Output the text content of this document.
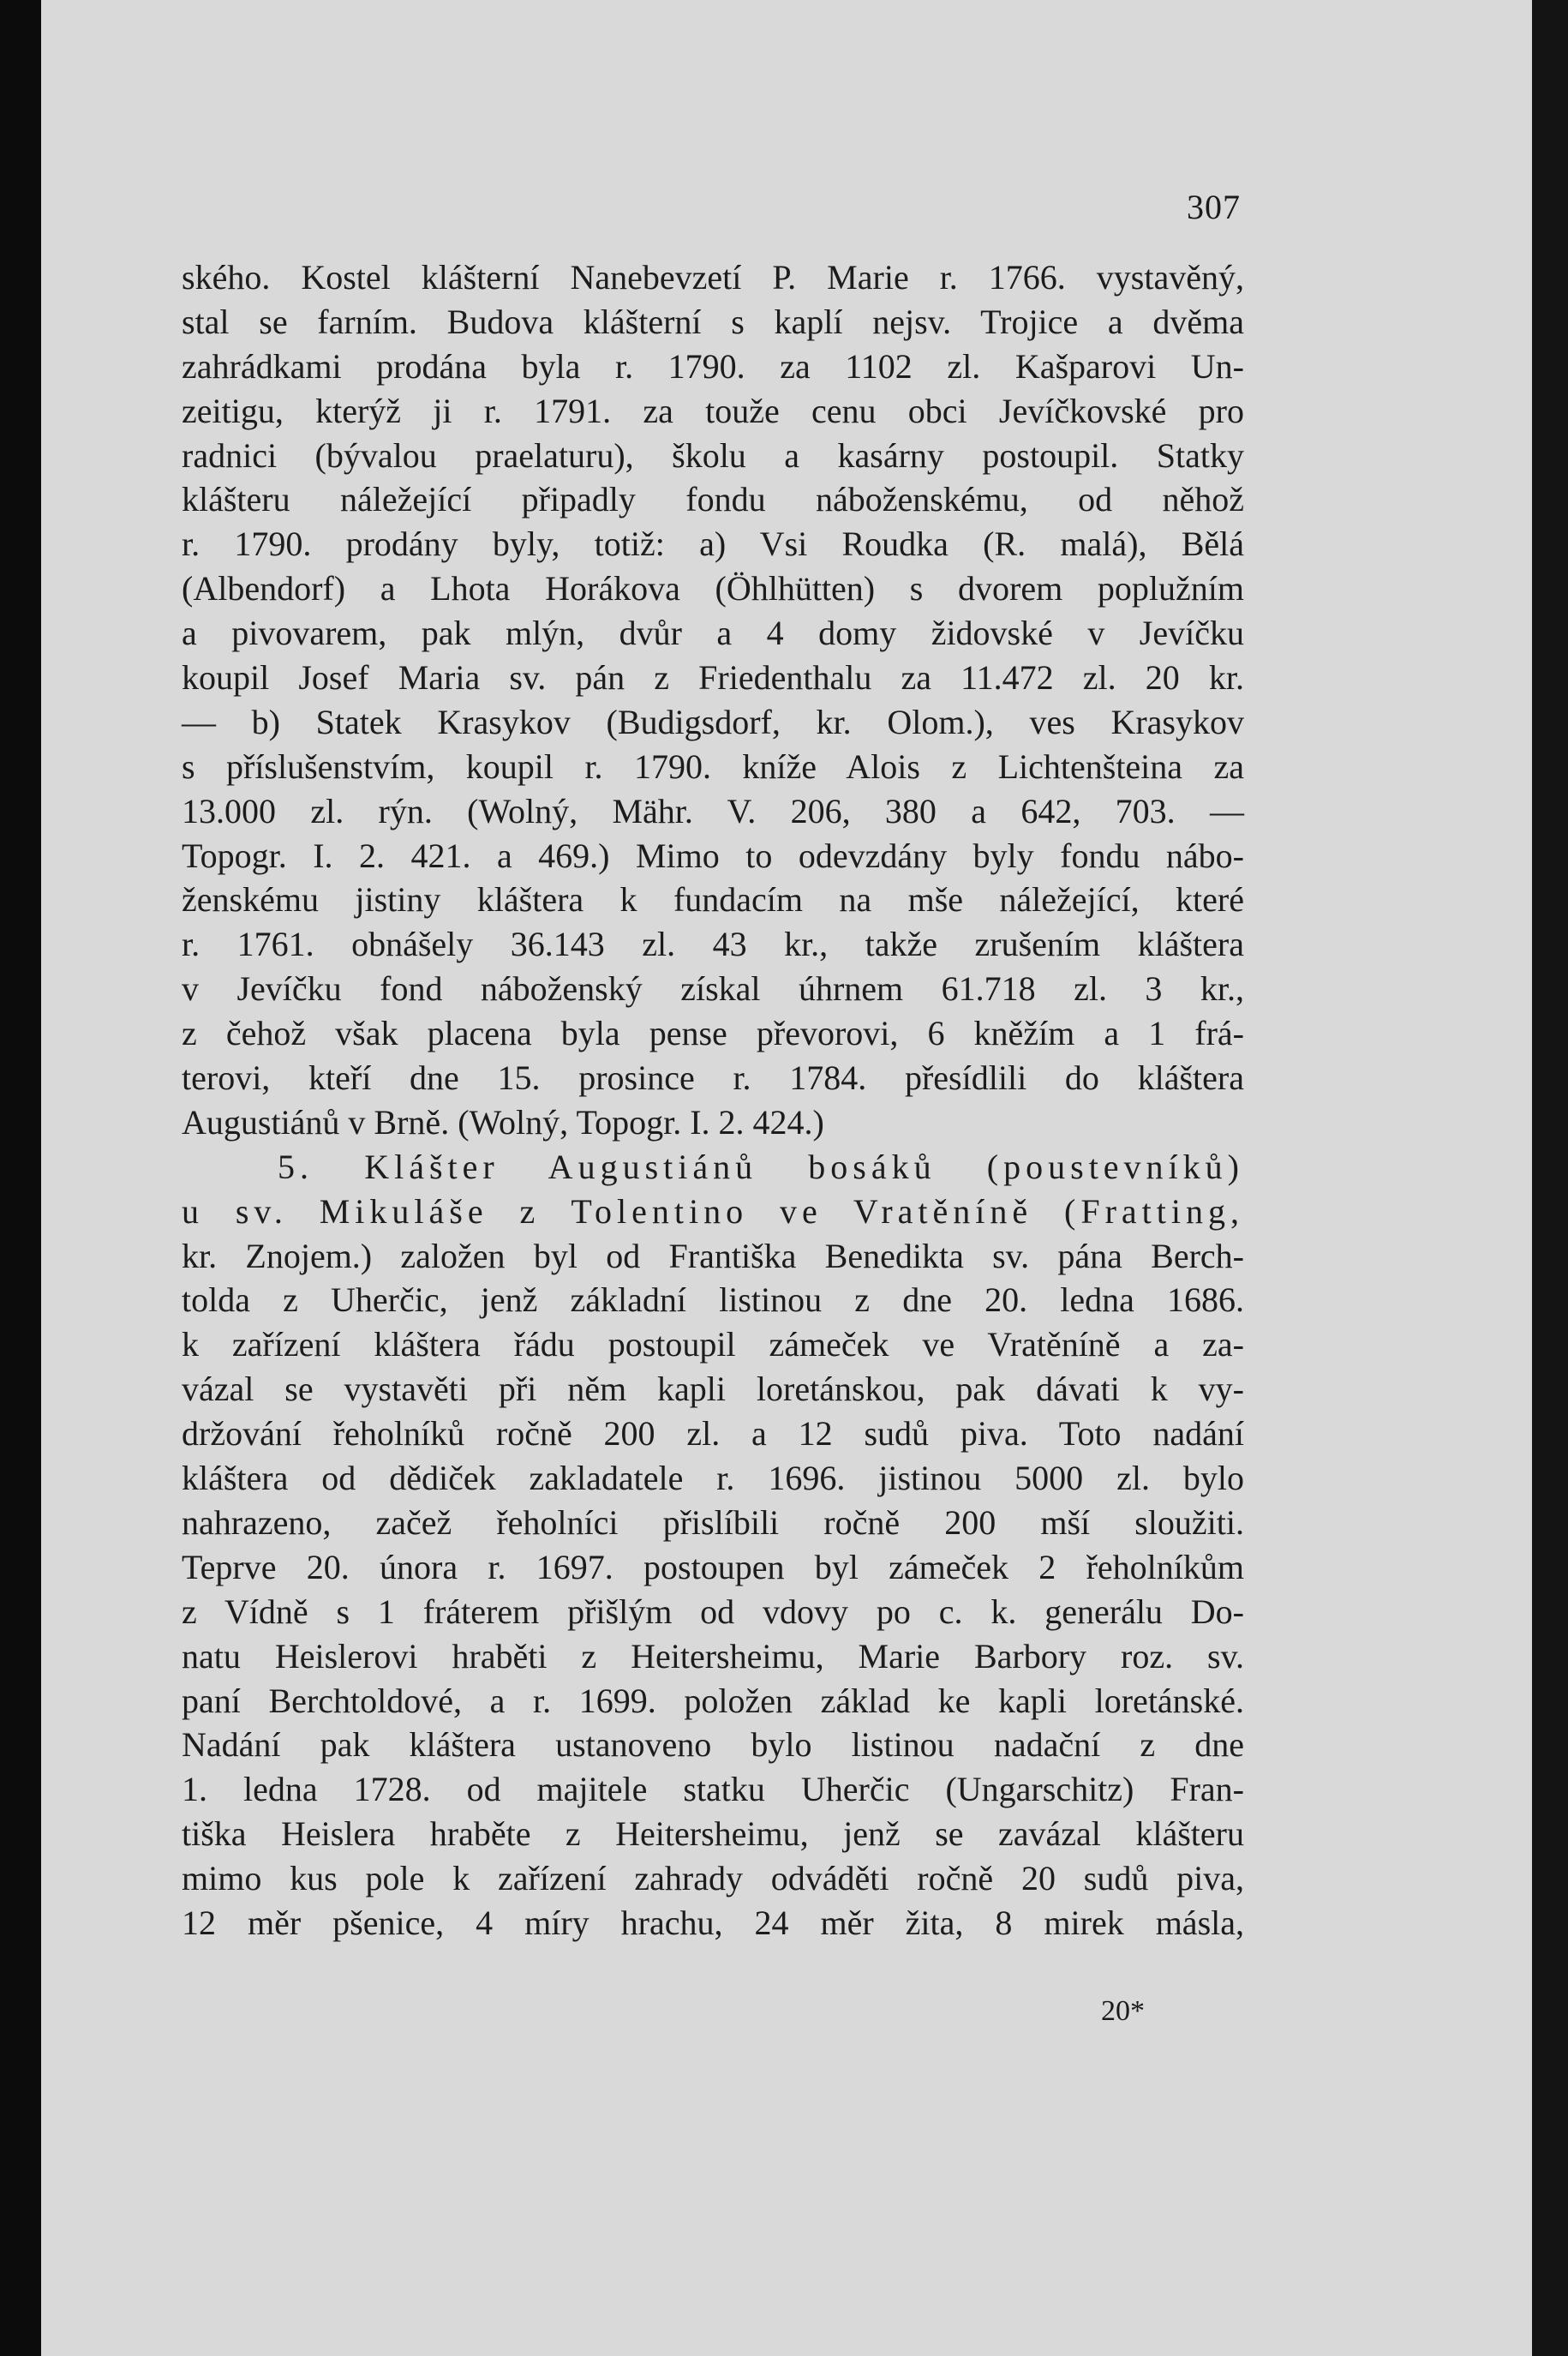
307
ského. Kostel klášterní Nanebevzetí P. Marie r. 1766. vystavěný,
stal se farním. Budova klášterní s kaplí nejsv. Trojice a dvěma
zahrádkami prodána byla r. 1790. za 1102 zl. Kašparovi Un-
zeitigu, kterýž ji r. 1791. za touže cenu obci Jevíčkovské pro
radnici (bývalou praelaturu), školu a kasárny postoupil. Statky
klášteru náležející připadly fondu náboženskému, od něhož
r. 1790. prodány byly, totiž: a) Vsi Roudka (R. malá), Bělá
(Albendorf) a Lhota Horákova (Öhlhütten) s dvorem poplužním
a pivovarem, pak mlýn, dvůr a 4 domy židovské v Jevíčku
koupil Josef Maria sv. pán z Friedenthalu za 11.472 zl. 20 kr.
— b) Statek Krasykov (Budigsdorf, kr. Olom.), ves Krasykov
s příslušenstvím, koupil r. 1790. kníže Alois z Lichtenšteina za
13.000 zl. rýn. (Wolný, Mähr. V. 206, 380 a 642, 703. —
Topogr. I. 2. 421. a 469.) Mimo to odevzdány byly fondu nábo-
ženskému jistiny kláštera k fundacím na mše náležející, které
r. 1761. obnášely 36.143 zl. 43 kr., takže zrušením kláštera
v Jevíčku fond náboženský získal úhrnem 61.718 zl. 3 kr.,
z čehož však placena byla pense převorovi, 6 kněžím a 1 frá-
terovi, kteří dne 15. prosince r. 1784. přesídlili do kláštera
Augustiánů v Brně. (Wolný, Topogr. I. 2. 424.)
5. Klášter Augustiánů bosáků (poustevníků)
u sv. Mikuláše z Tolentino ve Vratěníně (Fratting,
kr. Znojem.) založen byl od Františka Benedikta sv. pána Berch-
tolda z Uherčic, jenž základní listinou z dne 20. ledna 1686.
k zařízení kláštera řádu postoupil zámeček ve Vratěníně a za-
vázal se vystavěti při něm kapli loretánskou, pak dávati k vy-
držování řeholníků ročně 200 zl. a 12 sudů piva. Toto nadání
kláštera od dědiček zakladatele r. 1696. jistinou 5000 zl. bylo
nahrazeno, začež řeholníci přislíbili ročně 200 mší sloužiti.
Teprve 20. února r. 1697. postoupen byl zámeček 2 řeholníkům
z Vídně s 1 fráterem přišlým od vdovy po c. k. generálu Do-
natu Heislerovi hraběti z Heitersheimu, Marie Barbory roz. sv.
paní Berchtoldové, a r. 1699. položen základ ke kapli loretánské.
Nadání pak kláštera ustanoveno bylo listinou nadační z dne
1. ledna 1728. od majitele statku Uherčic (Ungarschitz) Fran-
tiška Heislera hraběte z Heitersheimu, jenž se zavázal klášteru
mimo kus pole k zařízení zahrady odváděti ročně 20 sudů piva,
12 měr pšenice, 4 míry hrachu, 24 měr žita, 8 mirek másla,
20*
